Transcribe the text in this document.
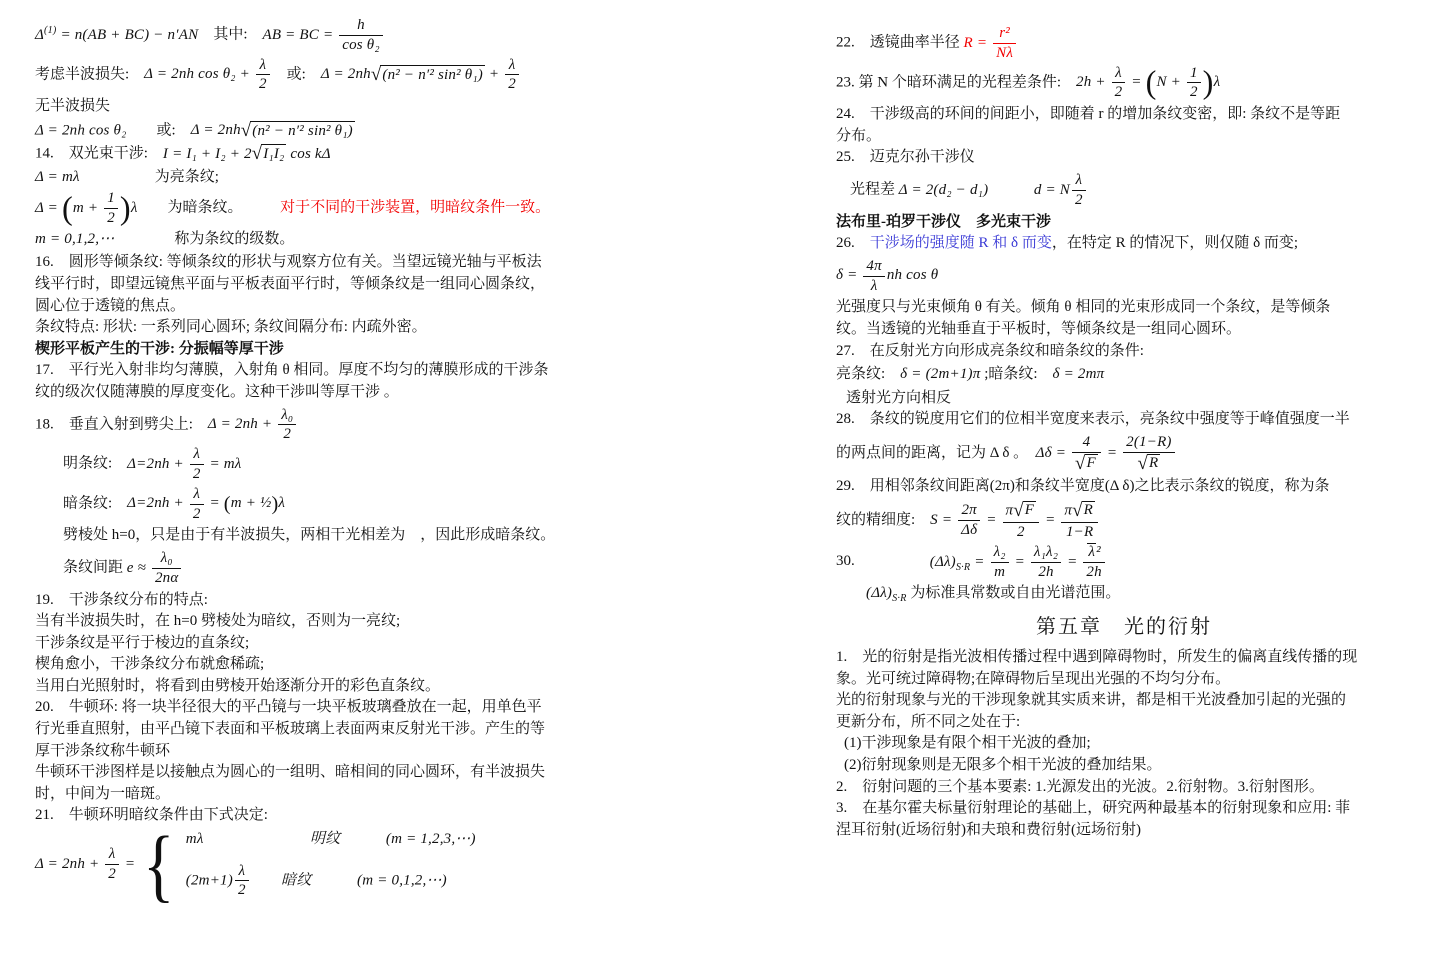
$\Delta^{(1)} = n(AB + BC) - n'AN$　其中:　AB = BC = $\frac{h}{\text{cos θ₂}}$
考虑半波损失:　Δ = 2nh $\cos \theta_2 + \frac{\lambda}{2}$ 　或:　Δ = 2nh √ (n² − n′² sin² $\theta_1) + \frac{\lambda}{2}$
无半波损失
Δ = 2nh cos θ₂　　或:　Δ = 2nh √ (n² − n′² sin² θ₁)
14.　双光束干涉:　I = I₁ + I₂ + 2 √ I₁I₂ cos kΔ
Δ = mλ　　　　　为亮条纹;
Δ = ( $m + \frac{1}{2}$ ) λ　　为暗条纹。　　　对于不同的干涉装置，明暗纹条件一致。
m = 0,1,2,⋯　　　　称为条纹的级数。
16.　圆形等倾条纹: 等倾条纹的形状与观察方位有关。当望远镜光轴与平板法
线平行时，即望远镜焦平面与平板表面平行时，等倾条纹是一组同心圆条纹，
圆心位于透镜的焦点。
条纹特点: 形状: 一系列同心圆环; 条纹间隔分布: 内疏外密。
楔形平板产生的干涉: 分振幅等厚干涉
17.　平行光入射非均匀薄膜，入射角 θ 相同。厚度不均匀的薄膜形成的干涉条
纹的级次仅随薄膜的厚度变化。这种干涉叫等厚干涉 。
18.　垂直入射到劈尖上:　$\Delta = 2nh + \frac{\text{λ₀}}{2}$
明条纹:　$\Delta=2nh + \frac{\lambda}{2} = m\lambda$
暗条纹:　$\Delta=2nh + \frac{\lambda}{2}$ = ( m + ½ ) λ
劈棱处 h=0，只是由于有半波损失，两相干光相差为　，因此形成暗条纹。
条纹间距 $e \approx \frac{\text{λ₀}}{2n\alpha}$
19.　干涉条纹分布的特点:
当有半波损失时，在 h=0 劈棱处为暗纹，否则为一亮纹;
干涉条纹是平行于棱边的直条纹;
楔角愈小，干涉条纹分布就愈稀疏;
当用白光照射时，将看到由劈棱开始逐渐分开的彩色直条纹。
20.　牛顿环: 将一块半径很大的平凸镜与一块平板玻璃叠放在一起，用单色平
行光垂直照射，由平凸镜下表面和平板玻璃上表面两束反射光干涉。产生的等
厚干涉条纹称牛顿环
牛顿环干涉图样是以接触点为圆心的一组明、暗相间的同心圆环，有半波损失
时，中间为一暗斑。
21.　牛顿环明暗纹条件由下式决定:
$\Delta = 2nh + \frac{\lambda}{2}$ = { mλ　　　　　　　明纹　　　(m = 1,2,3,⋯)
$(2m+1) \frac{\lambda}{2}$ 　　暗纹　　　(m = 0,1,2,⋯)
22.　透镜曲率半径 $R = \frac{\text{r²}}{N\lambda}$
23. 第 N 个暗环满足的光程差条件:　$2h + \frac{\lambda}{2}$ = ( $N + \frac{1}{2}$ ) λ
24.　干涉级高的环间的间距小，即随着 r 的增加条纹变密，即: 条纹不是等距
分布。
25.　迈克尔孙干涉仪
光程差 Δ = 2(d₂ − d₁)　　　d = N $\frac{\lambda}{2}$
法布里-珀罗干涉仪　多光束干涉
26.　干涉场的强度随 R 和 δ 而变，在特定 R 的情况下，则仅随 δ 而变;
$\delta = \frac{4\pi}{\lambda}$ nh cos θ
光强度只与光束倾角 θ 有关。倾角 θ 相同的光束形成同一个条纹，是等倾条
纹。当透镜的光轴垂直于平板时，等倾条纹是一组同心圆环。
27.　在反射光方向形成亮条纹和暗条纹的条件:
亮条纹:　δ = (2m+1)π ;暗条纹:　δ = 2mπ
透射光方向相反
28.　条纹的锐度用它们的位相半宽度来表示，亮条纹中强度等于峰值强度一半
的两点间的距离，记为 Δ δ 。　$\Delta\delta = \frac{4}{√ F} = \frac{2(1-R)}{√ R}$
29.　用相邻条纹间距离(2π)和条纹半宽度(Δ δ)之比表示条纹的锐度，称为条
纹的精细度:　$S = \frac{2\pi}{\Delta\delta} = \frac{\pi √ F}{2} = \frac{\pi √ R}{1-R}$
30.　　　　　$(\Delta\lambda)_{S\cdot R} = \frac{\text{λ₂}}{m} = \frac{\text{λ₁λ₂}}{2h} = \frac{\text{λ²}}{2h}$
$(\Delta\lambda)_{S\cdot R}$ 为标准具常数或自由光谱范围。
第五章　光的衍射
1.　光的衍射是指光波相传播过程中遇到障碍物时，所发生的偏离直线传播的现
象。光可统过障碍物;在障碍物后呈现出光强的不均匀分布。
光的衍射现象与光的干涉现象就其实质来讲，都是相干光波叠加引起的光强的
更新分布，所不同之处在于:
(1)干涉现象是有限个相干光波的叠加;
(2)衍射现象则是无限多个相干光波的叠加结果。
2.　衍射问题的三个基本要素: 1.光源发出的光波。2.衍射物。3.衍射图形。
3.　在基尔霍夫标量衍射理论的基础上，研究两种最基本的衍射现象和应用: 菲
涅耳衍射(近场衍射)和夫琅和费衍射(远场衍射)
